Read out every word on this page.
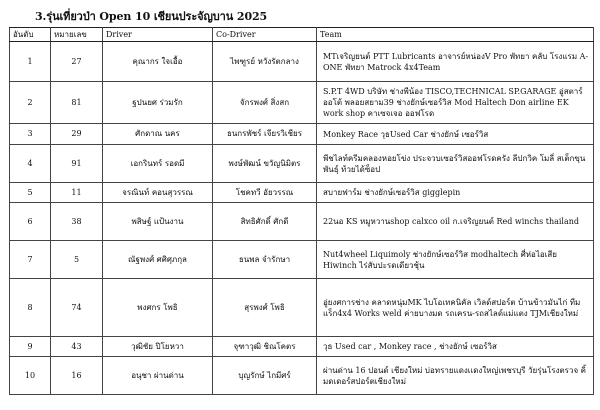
3.รุ่นเที่ยวป่า Open 10 เชียนประจัญบาน 2025
อันดับ	หมายเลข	Driver	Co-Driver	Team
1	27	คุณากร ใจเอื้อ	ไพฑูรย์ หวังรัตกลาง	MTเจริญยนต์ PTT Lubricants อาจารย์หน่องV Pro พัทยา คลับ โรงแรม A-ONE พัทยา Matrock 4x4Team
2	81	ฐปนยศ ร่วมรัก	จักรพงศ์ สิ่งสก	S.P.T 4WD บริษัท ช่างพีน้อง TISCO,TECHNICAL SP.GARAGE อู่สตาร์ออโต้ พลอยสยาม39 ช่างยักษ์เซอร์วิส Mod Haltech Don airline EK work shop คาเซจเจอ ออฟโรด
3	29	ศักดาณ นคร	ธนกรพัชร์ เจียรวิเชียร	Monkey Race วุธUsed Car ช่างยักษ์ เซอร์วิส
4	91	เอกรินทร์ รอดมี	พงษ์พัฒน์ ขวัญนิมิตร	พีชไลท์ครีมคลองหอยโข่ง ประจวบเซอร์วิสออฟโรดครัง ลีปกวิค โมลี่ สเต็กขุนพันธุ์ ท้วยได้ซ็อป
5	11	จรณินท์ คอนสุวรรณ	โชคทวี อัยวรรณ	สบายฟาร์ม ช่างยักษ์เซอร์วิส gigglepin
6	38	พสิษฐ์ แป้นงาน	สิทธิศักดิ์ ศักดี	22นอ KS หมูหวานshop calxco oil ก.เจริญยนต์ Red winchs thailand
7	5	ณัฐพงศ์ ศศิศุภกุล	ธนพล จำรักษา	Nut4wheel Liquimoly ช่างยักษ์เซอร์วิส modhaltech ศี่ห่อไอเสีย Hiwinch ไร่สับปะรดเดียวชุ้น
8	74	พงศกร โพธิ	สุรพงศ์ โพธิ	อู่ยงศการช่าง คลาดหนุ่มMK ไบโอเทคนิคัล เวิลด์สปอร์ต บ้านข้าวมันไก่ ทีมแร็ก4x4 Works weld ค่ายบางมด รถเครน-รถสไลด์แม่แตง TJMเชียงใหม่
9	43	วุฒิชัย ปิโยหวา	จุฑาวุฒิ ชิณโคตร	วุธ Used car , Monkey race , ช่างยักษ์ เซอร์วิส
10	16	อนุชา ผ่านด่าน	บุญรักษ์ ไกมีศร์	ผ่านด่าน 16 ปอนด์ เชียงใหม่ บ่อทรายแดงเเดงใหญ่เพชรบุรี วัยรุ่นโรงตรวจ คิ้มดเดอร์สปอร์ตเชียงใหม่
